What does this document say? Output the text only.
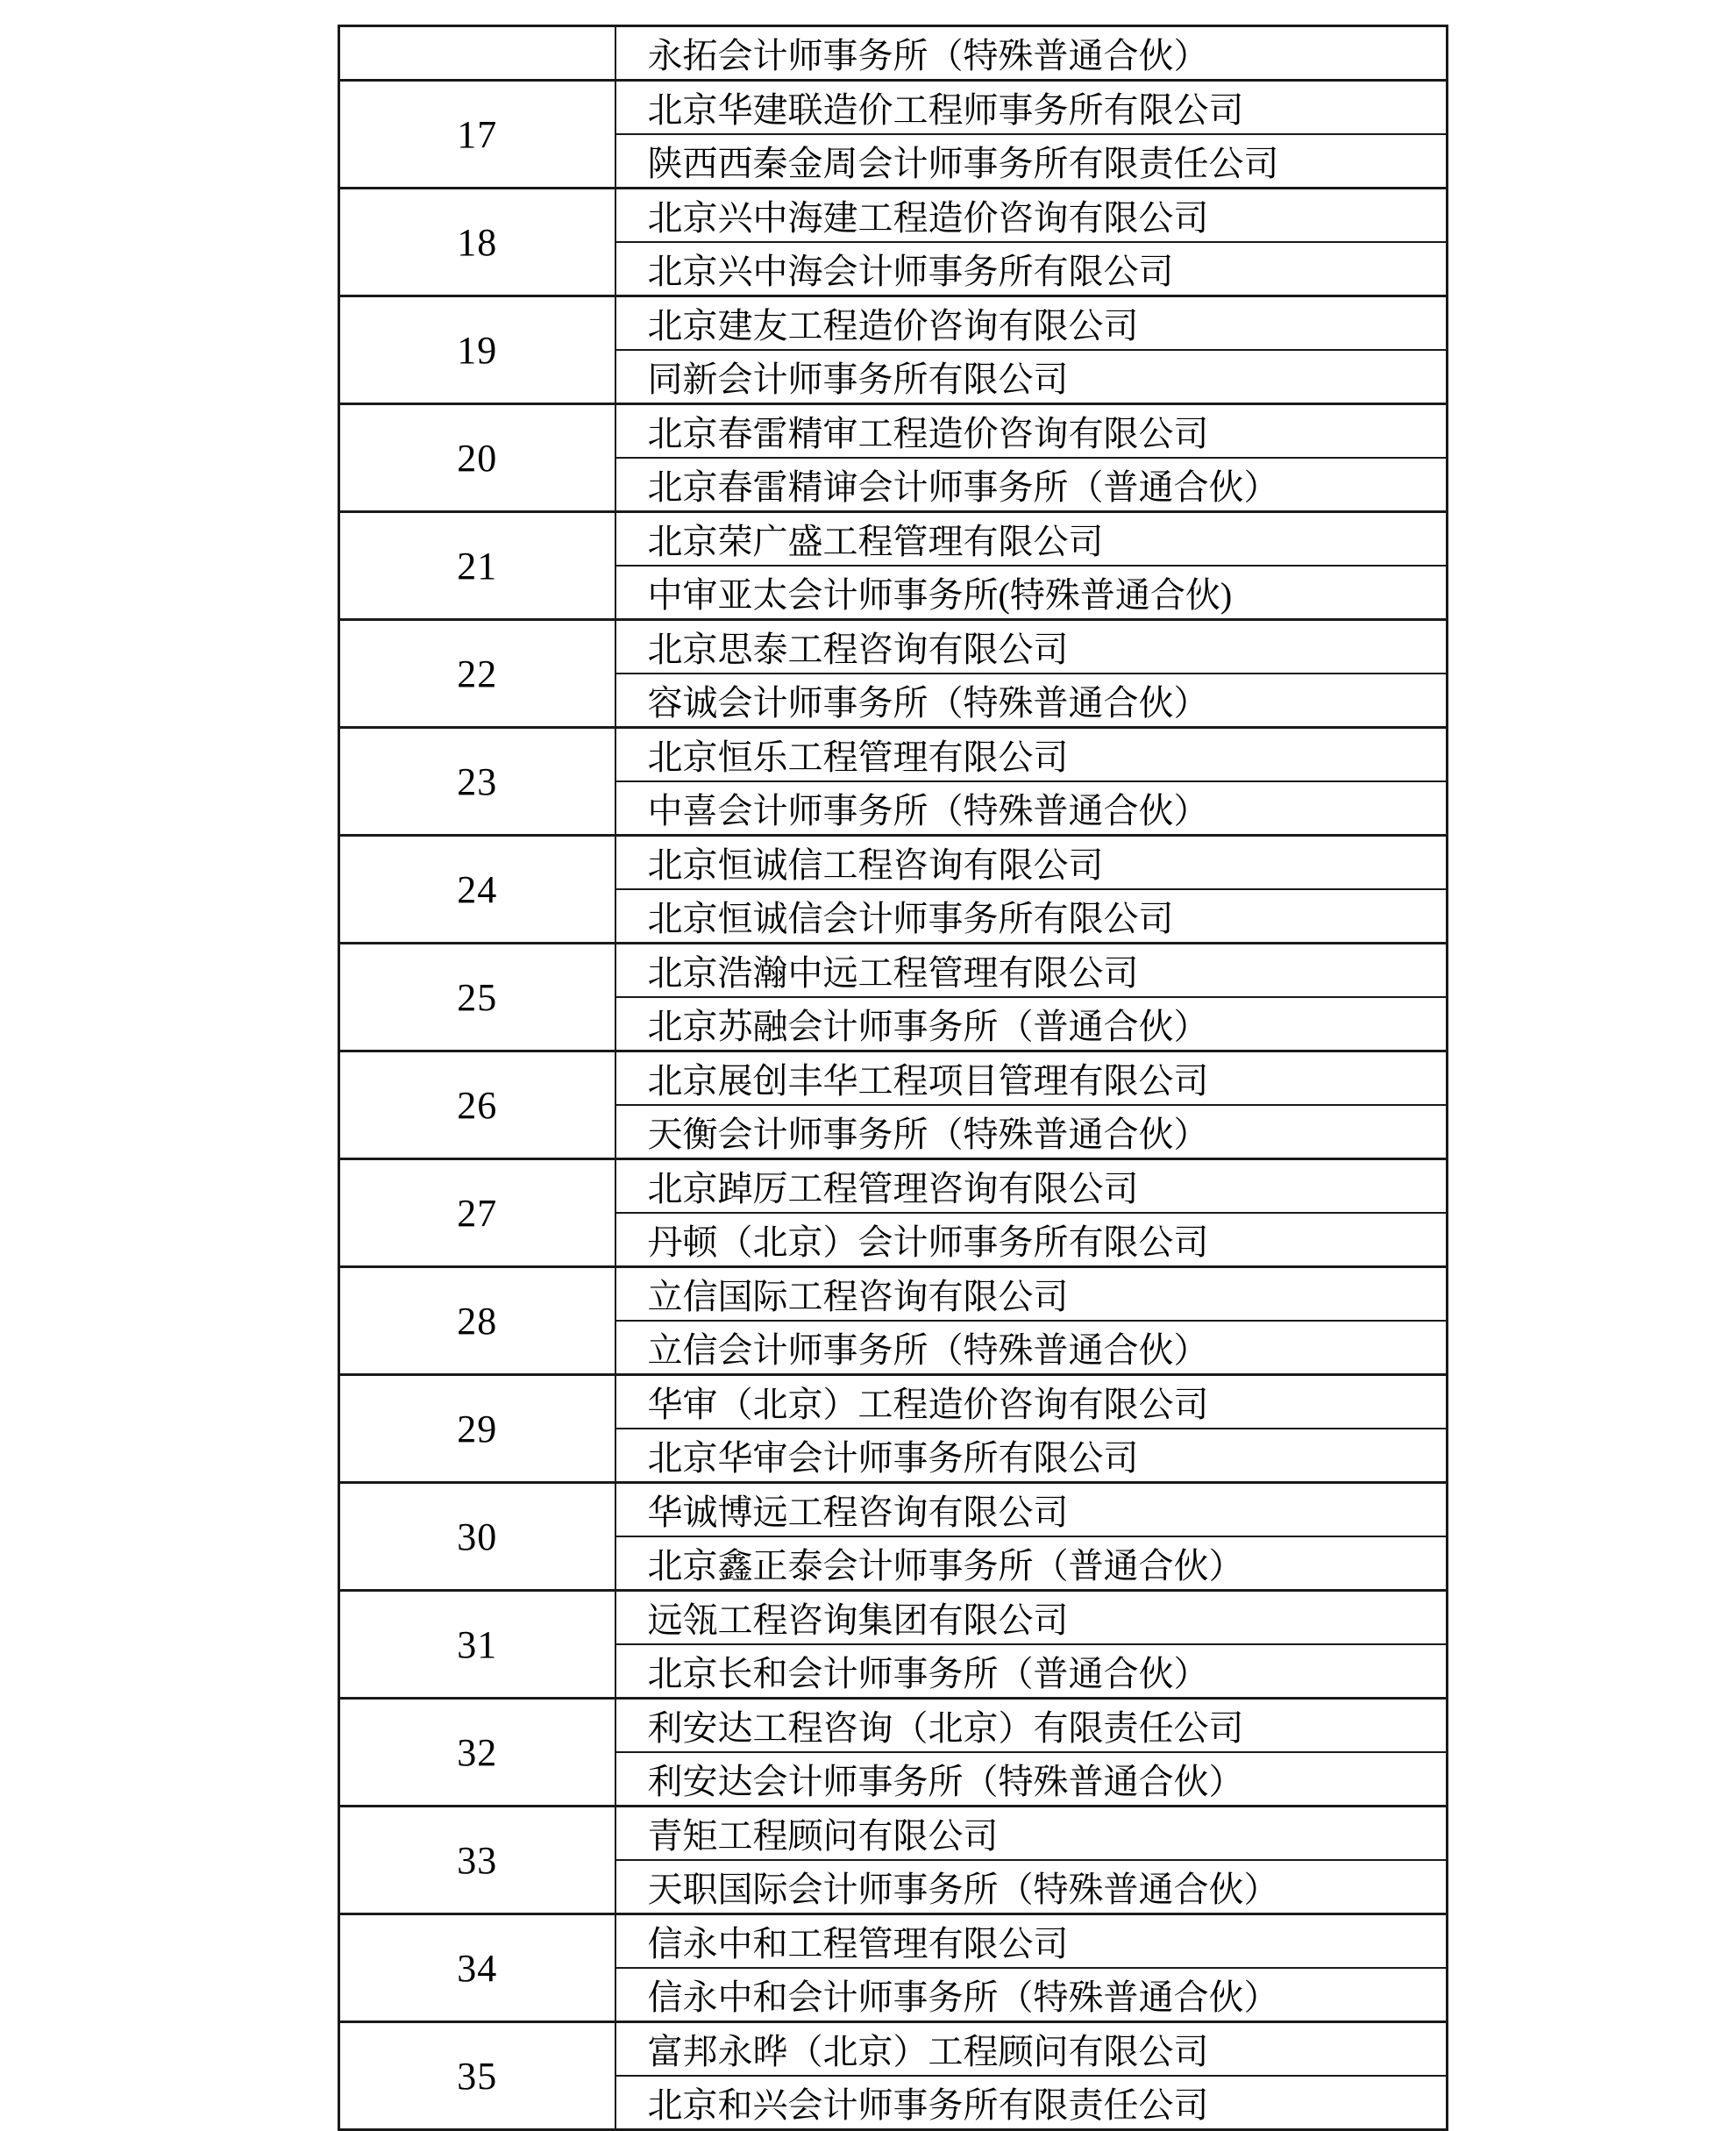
	永拓会计师事务所（特殊普通合伙）
17	北京华建联造价工程师事务所有限公司
	陕西西秦金周会计师事务所有限责任公司
18	北京兴中海建工程造价咨询有限公司
	北京兴中海会计师事务所有限公司
19	北京建友工程造价咨询有限公司
	同新会计师事务所有限公司
20	北京春雷精审工程造价咨询有限公司
	北京春雷精谉会计师事务所（普通合伙）
21	北京荣广盛工程管理有限公司
	中审亚太会计师事务所(特殊普通合伙)
22	北京思泰工程咨询有限公司
	容诚会计师事务所（特殊普通合伙）
23	北京恒乐工程管理有限公司
	中喜会计师事务所（特殊普通合伙）
24	北京恒诚信工程咨询有限公司
	北京恒诚信会计师事务所有限公司
25	北京浩瀚中远工程管理有限公司
	北京苏融会计师事务所（普通合伙）
26	北京展创丰华工程项目管理有限公司
	天衡会计师事务所（特殊普通合伙）
27	北京踔厉工程管理咨询有限公司
	丹顿（北京）会计师事务所有限公司
28	立信国际工程咨询有限公司
	立信会计师事务所（特殊普通合伙）
29	华审（北京）工程造价咨询有限公司
	北京华审会计师事务所有限公司
30	华诚博远工程咨询有限公司
	北京鑫正泰会计师事务所（普通合伙）
31	远瓴工程咨询集团有限公司
	北京长和会计师事务所（普通合伙）
32	利安达工程咨询（北京）有限责任公司
	利安达会计师事务所（特殊普通合伙）
33	青矩工程顾问有限公司
	天职国际会计师事务所（特殊普通合伙）
34	信永中和工程管理有限公司
	信永中和会计师事务所（特殊普通合伙）
35	富邦永晔（北京）工程顾问有限公司
	北京和兴会计师事务所有限责任公司
